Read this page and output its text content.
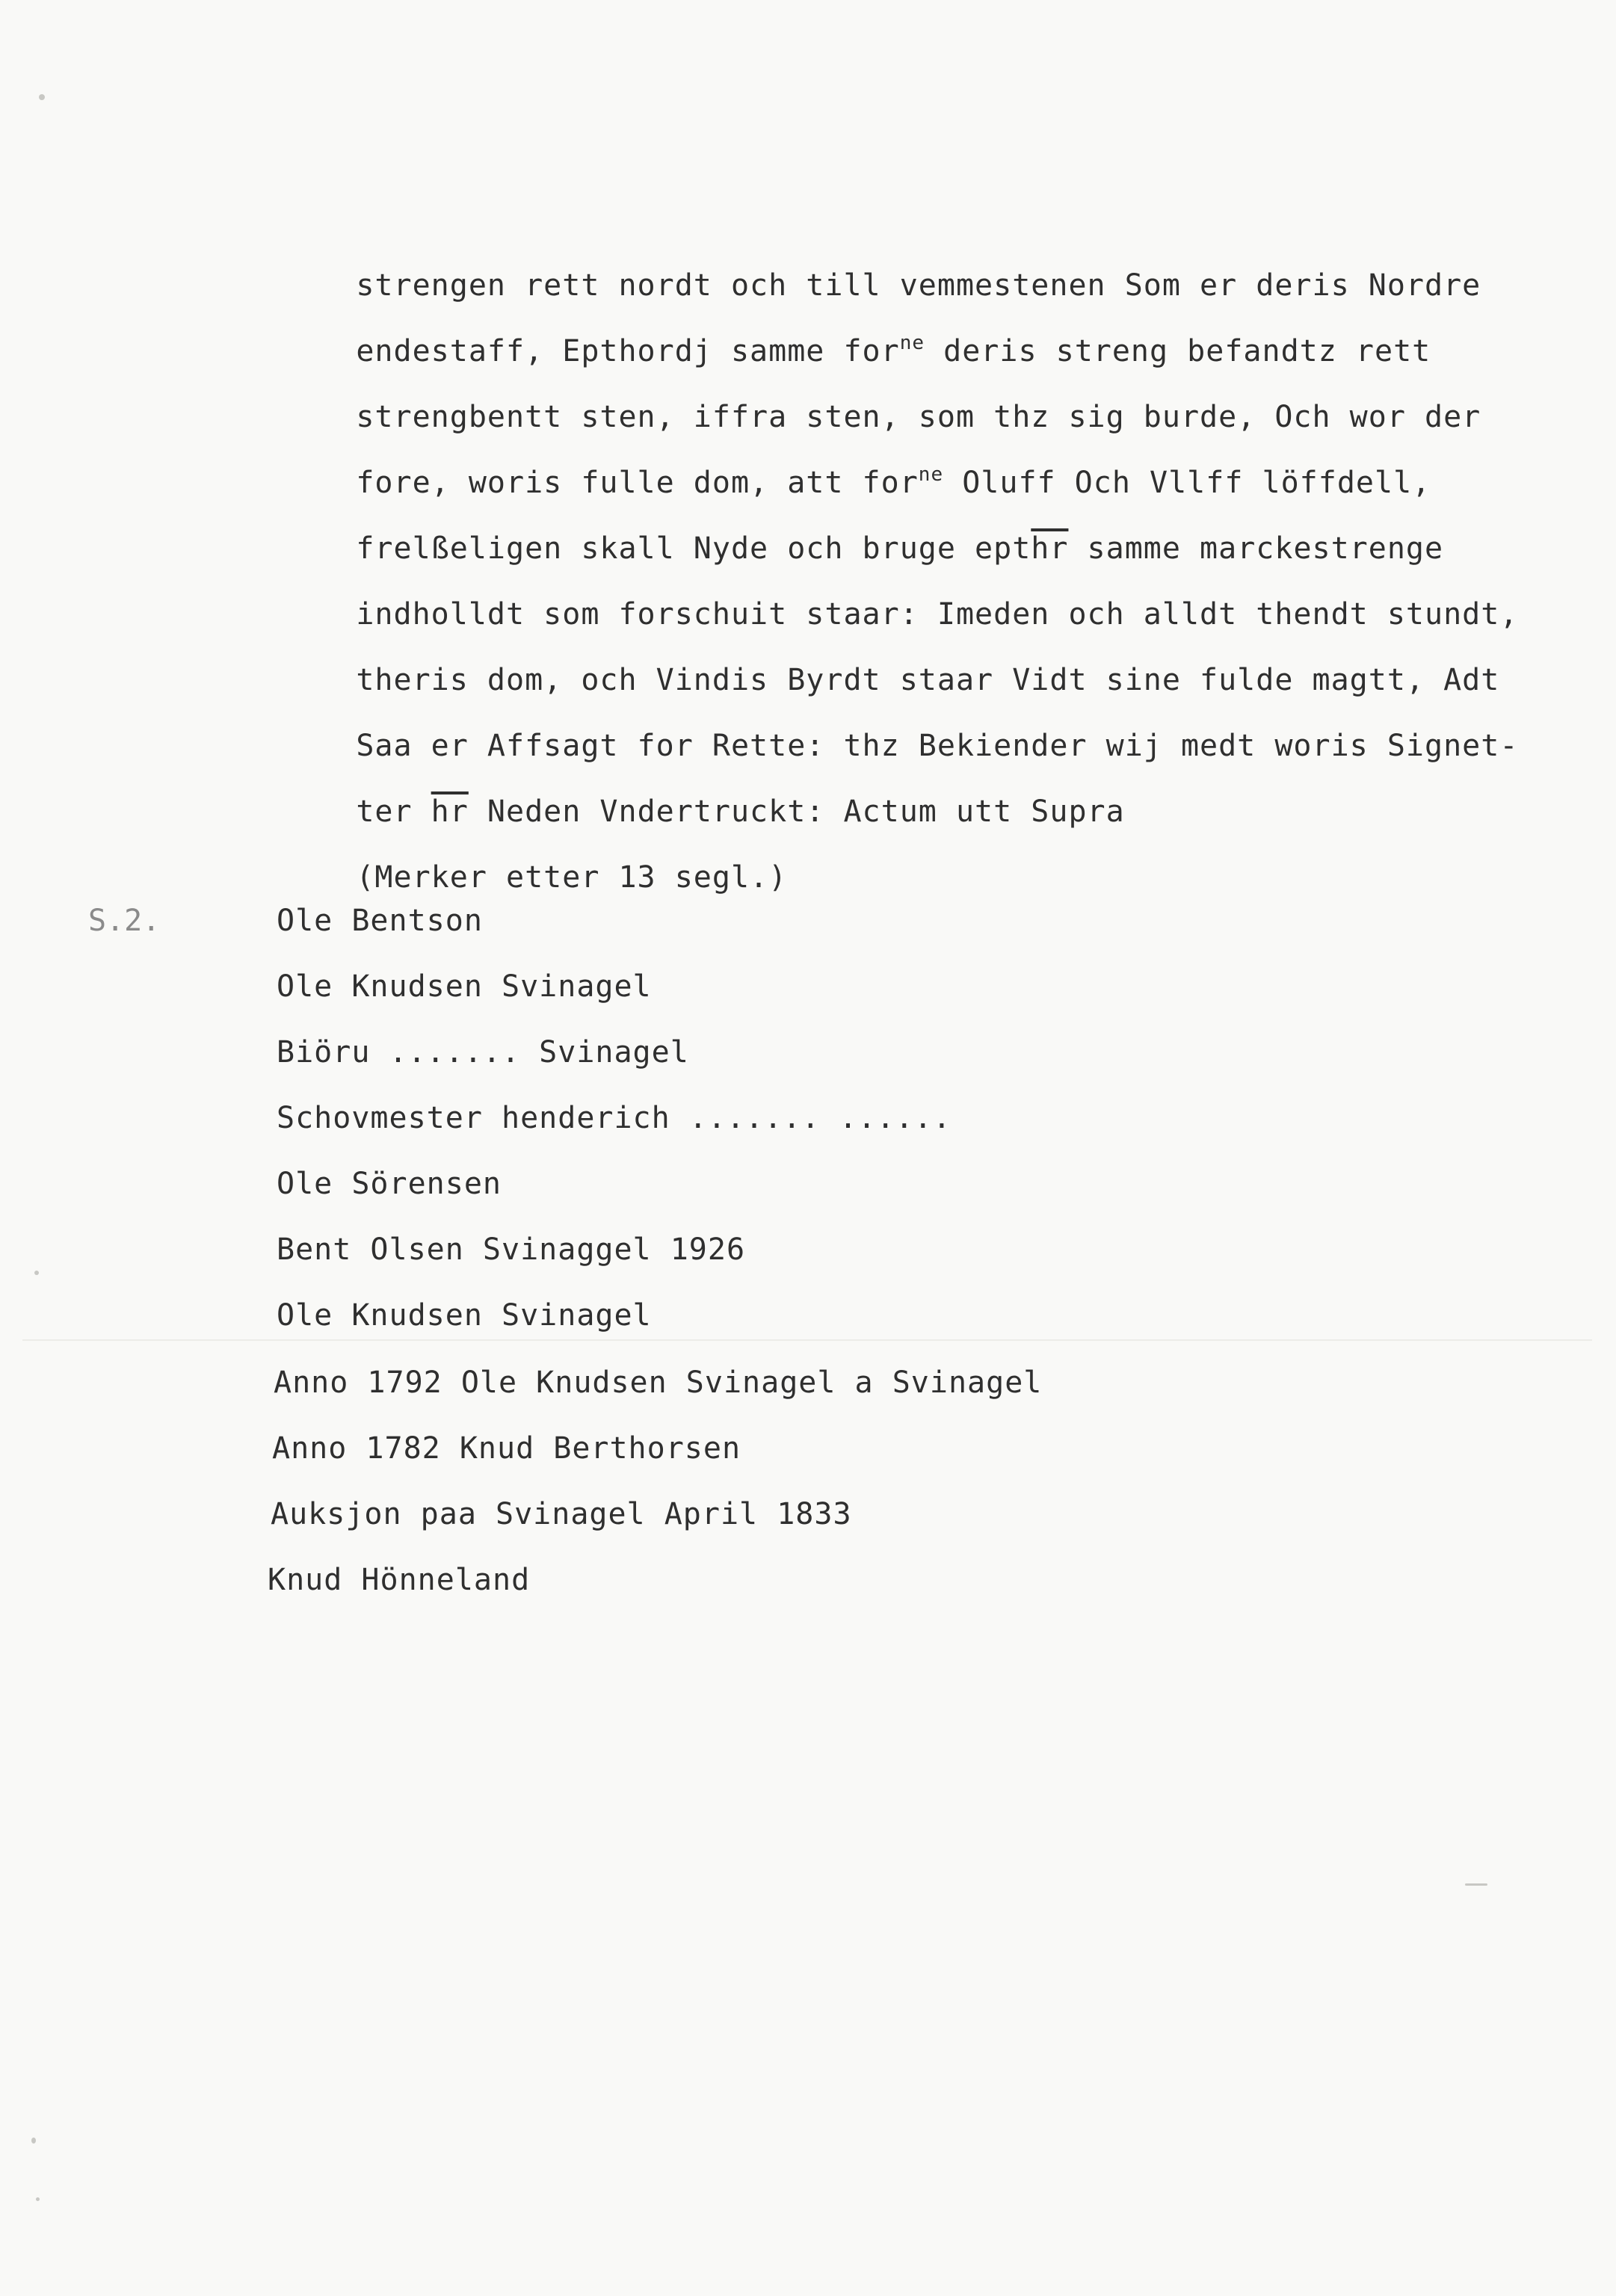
strengen rett nordt och till vemmestenen Som er deris Nordre

endestaff, Epthordj samme for$^{ne}$ deris streng befandtz rett

strengbentt sten, iffra sten, som thz sig burde, Och wor der

fore, woris fulle dom, att for$^{ne}$ Oluff Och Vllff löffdell,

frelßeligen skall Nyde och bruge $ept\overline{hr}$ samme marckestrenge

indholldt som forschuit staar: Imeden och alldt thendt stundt,

theris dom, och Vindis Byrdt staar Vidt sine fulde magtt, Adt

Saa er Affsagt for Rette: thz Bekiender wij medt woris Signet-

ter $\overline{hr}$ Neden Vndertruckt: Actum utt Supra

(Merker etter 13 segl.)

S.2.	Ole Bentson
Ole Knudsen Svinagel
Biöru ....... Svinagel
Schovmester henderich ....... ......
Ole Sörensen
Bent Olsen Svinaggel 1926
Ole Knudsen Svinagel
Anno 1792 Ole Knudsen Svinagel a Svinagel
Anno 1782 Knud Berthorsen
Auksjon paa Svinagel April 1833
Knud Hönneland
